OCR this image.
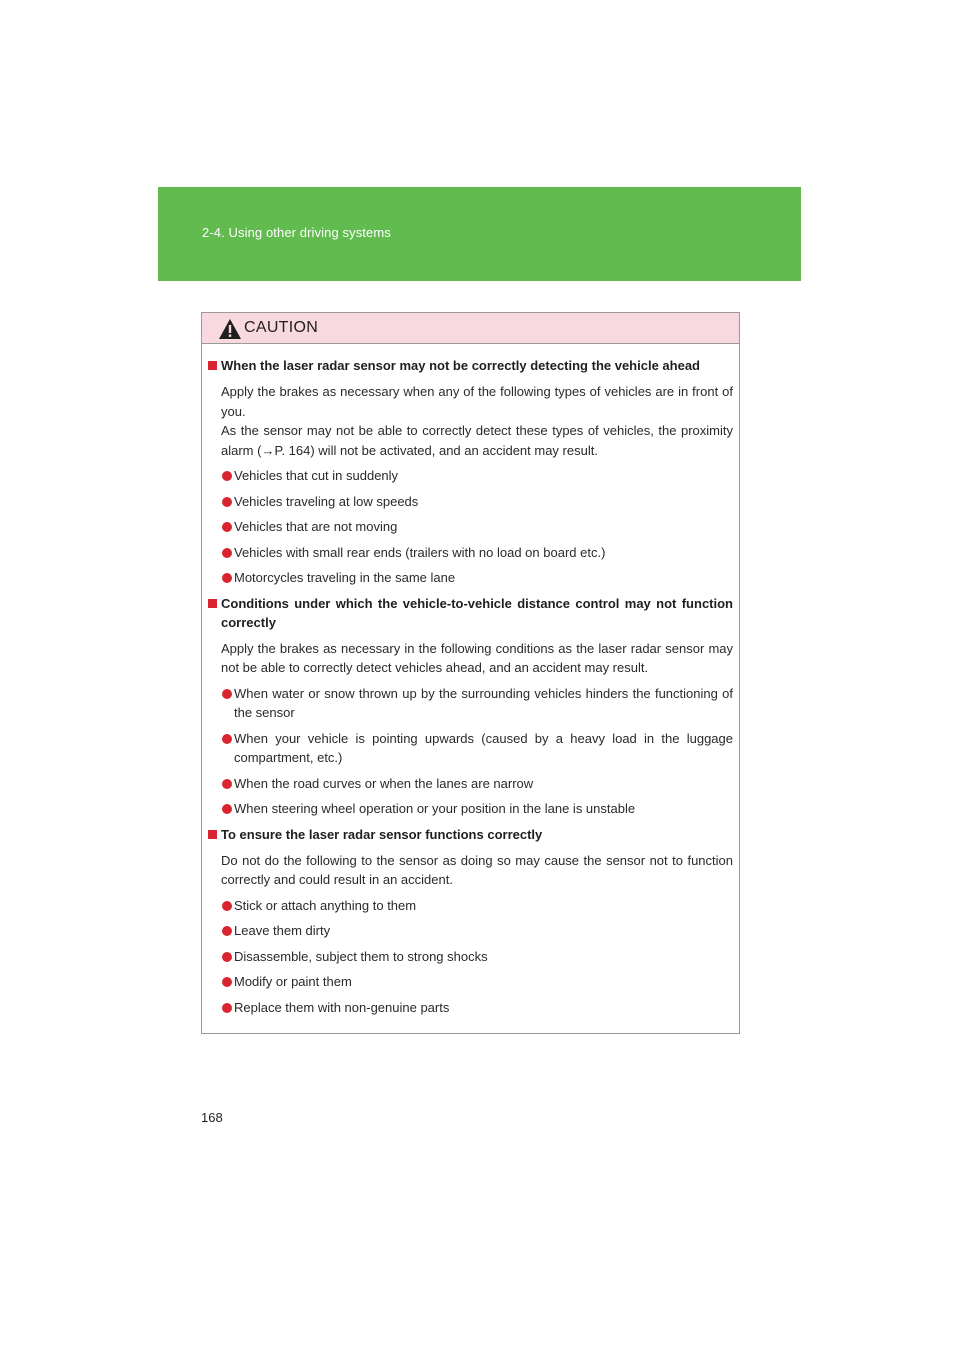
2-4. Using other driving systems
CAUTION
When the laser radar sensor may not be correctly detecting the vehicle ahead
Apply the brakes as necessary when any of the following types of vehicles are in front of you.
As the sensor may not be able to correctly detect these types of vehicles, the proximity alarm (→P. 164) will not be activated, and an accident may result.
Vehicles that cut in suddenly
Vehicles traveling at low speeds
Vehicles that are not moving
Vehicles with small rear ends (trailers with no load on board etc.)
Motorcycles traveling in the same lane
Conditions under which the vehicle-to-vehicle distance control may not function correctly
Apply the brakes as necessary in the following conditions as the laser radar sensor may not be able to correctly detect vehicles ahead, and an accident may result.
When water or snow thrown up by the surrounding vehicles hinders the functioning of the sensor
When your vehicle is pointing upwards (caused by a heavy load in the luggage compartment, etc.)
When the road curves or when the lanes are narrow
When steering wheel operation or your position in the lane is unstable
To ensure the laser radar sensor functions correctly
Do not do the following to the sensor as doing so may cause the sensor not to function correctly and could result in an accident.
Stick or attach anything to them
Leave them dirty
Disassemble, subject them to strong shocks
Modify or paint them
Replace them with non-genuine parts
168
